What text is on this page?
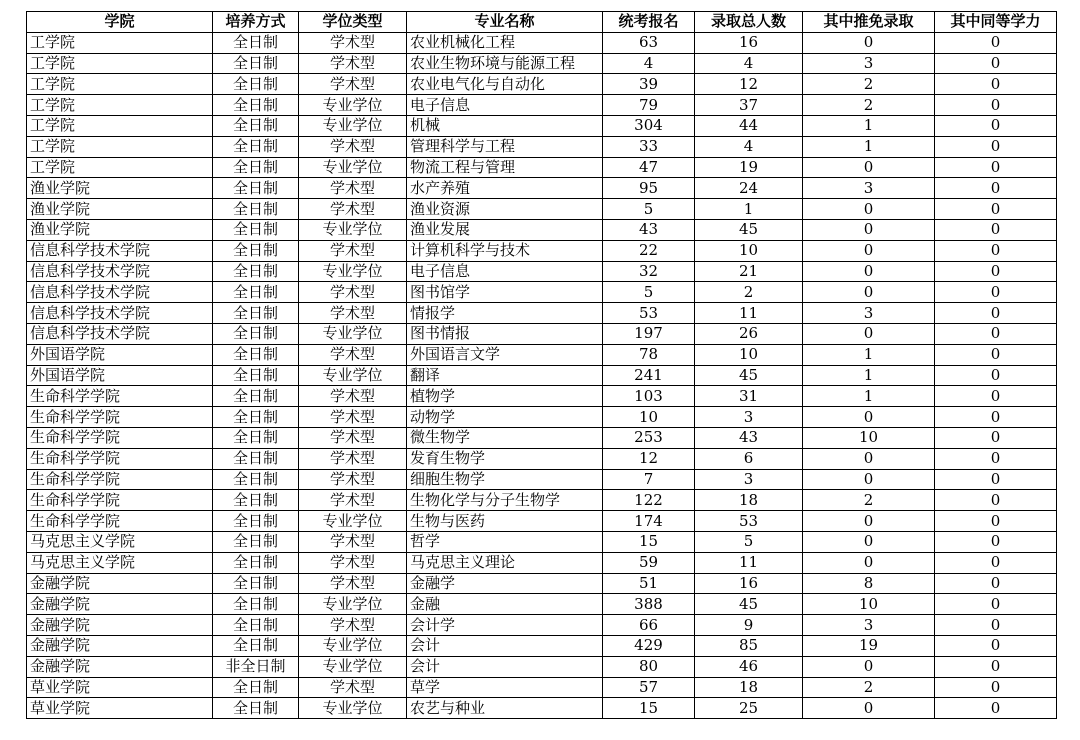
学院	培养方式	学位类型	专业名称	统考报名	录取总人数	其中推免录取	其中同等学力
工学院	全日制	学术型	农业机械化工程	63	16	0	0
工学院	全日制	学术型	农业生物环境与能源工程	4	4	3	0
工学院	全日制	学术型	农业电气化与自动化	39	12	2	0
工学院	全日制	专业学位	电子信息	79	37	2	0
工学院	全日制	专业学位	机械	304	44	1	0
工学院	全日制	学术型	管理科学与工程	33	4	1	0
工学院	全日制	专业学位	物流工程与管理	47	19	0	0
渔业学院	全日制	学术型	水产养殖	95	24	3	0
渔业学院	全日制	学术型	渔业资源	5	1	0	0
渔业学院	全日制	专业学位	渔业发展	43	45	0	0
信息科学技术学院	全日制	学术型	计算机科学与技术	22	10	0	0
信息科学技术学院	全日制	专业学位	电子信息	32	21	0	0
信息科学技术学院	全日制	学术型	图书馆学	5	2	0	0
信息科学技术学院	全日制	学术型	情报学	53	11	3	0
信息科学技术学院	全日制	专业学位	图书情报	197	26	0	0
外国语学院	全日制	学术型	外国语言文学	78	10	1	0
外国语学院	全日制	专业学位	翻译	241	45	1	0
生命科学学院	全日制	学术型	植物学	103	31	1	0
生命科学学院	全日制	学术型	动物学	10	3	0	0
生命科学学院	全日制	学术型	微生物学	253	43	10	0
生命科学学院	全日制	学术型	发育生物学	12	6	0	0
生命科学学院	全日制	学术型	细胞生物学	7	3	0	0
生命科学学院	全日制	学术型	生物化学与分子生物学	122	18	2	0
生命科学学院	全日制	专业学位	生物与医药	174	53	0	0
马克思主义学院	全日制	学术型	哲学	15	5	0	0
马克思主义学院	全日制	学术型	马克思主义理论	59	11	0	0
金融学院	全日制	学术型	金融学	51	16	8	0
金融学院	全日制	专业学位	金融	388	45	10	0
金融学院	全日制	学术型	会计学	66	9	3	0
金融学院	全日制	专业学位	会计	429	85	19	0
金融学院	非全日制	专业学位	会计	80	46	0	0
草业学院	全日制	学术型	草学	57	18	2	0
草业学院	全日制	专业学位	农艺与种业	15	25	0	0
